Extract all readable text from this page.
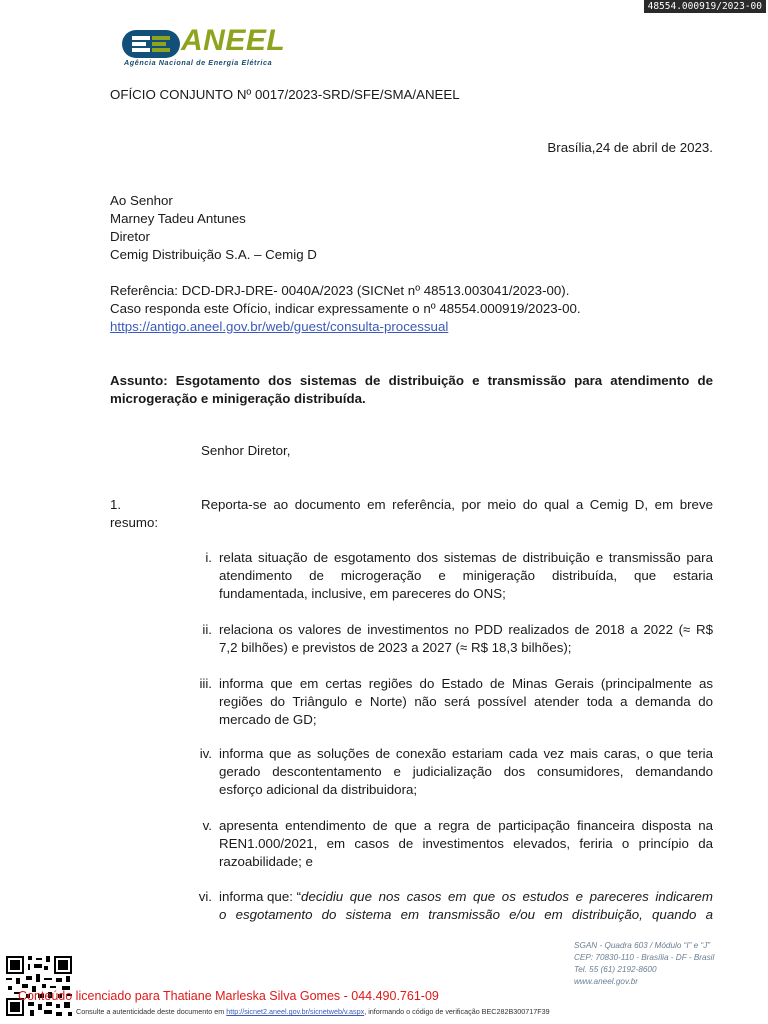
48554.000919/2023-00
ANEEL
Agência Nacional de Energia Elétrica
OFÍCIO CONJUNTO Nº 0017/2023-SRD/SFE/SMA/ANEEL
Brasília,24 de abril de 2023.
Ao Senhor
Marney Tadeu Antunes
Diretor
Cemig Distribuição S.A. – Cemig D
Referência: DCD-DRJ-DRE- 0040A/2023 (SICNet nº 48513.003041/2023-00).
Caso responda este Ofício, indicar expressamente o nº 48554.000919/2023-00.
https://antigo.aneel.gov.br/web/guest/consulta-processual
Assunto: Esgotamento dos sistemas de distribuição e transmissão para atendimento de
microgeração e minigeração distribuída.
Senhor Diretor,
1.	Reporta-se ao documento em referência, por meio do qual a Cemig D, em breve
resumo:
i. relata situação de esgotamento dos sistemas de distribuição e transmissão para
atendimento de microgeração e minigeração distribuída, que estaria
fundamentada, inclusive, em pareceres do ONS;
ii. relaciona os valores de investimentos no PDD realizados de 2018 a 2022 (≈ R$
7,2 bilhões) e previstos de 2023 a 2027 (≈ R$ 18,3 bilhões);
iii. informa que em certas regiões do Estado de Minas Gerais (principalmente as
regiões do Triângulo e Norte) não será possível atender toda a demanda do
mercado de GD;
iv. informa que as soluções de conexão estariam cada vez mais caras, o que teria
gerado descontentamento e judicialização dos consumidores, demandando
esforço adicional da distribuidora;
v. apresenta entendimento de que a regra de participação financeira disposta na
REN1.000/2021, em casos de investimentos elevados, feriria o princípio da
razoabilidade; e
vi. informa que: “ decidiu que nos casos em que os estudos e pareceres indicarem
o esgotamento do sistema em transmissão e/ou em distribuição, quando a
SGAN - Quadra 603 / Módulo “I” e “J”
CEP: 70830-110 - Brasília - DF - Brasil
Tel. 55 (61) 2192-8600
www.aneel.gov.br
Conteúdo licenciado para Thatiane Marleska Silva Gomes - 044.490.761-09
Consulte a autenticidade deste documento em http://sicnet2.aneel.gov.br/sicnetweb/v.aspx, informando o código de verificação BEC282B300717F39
